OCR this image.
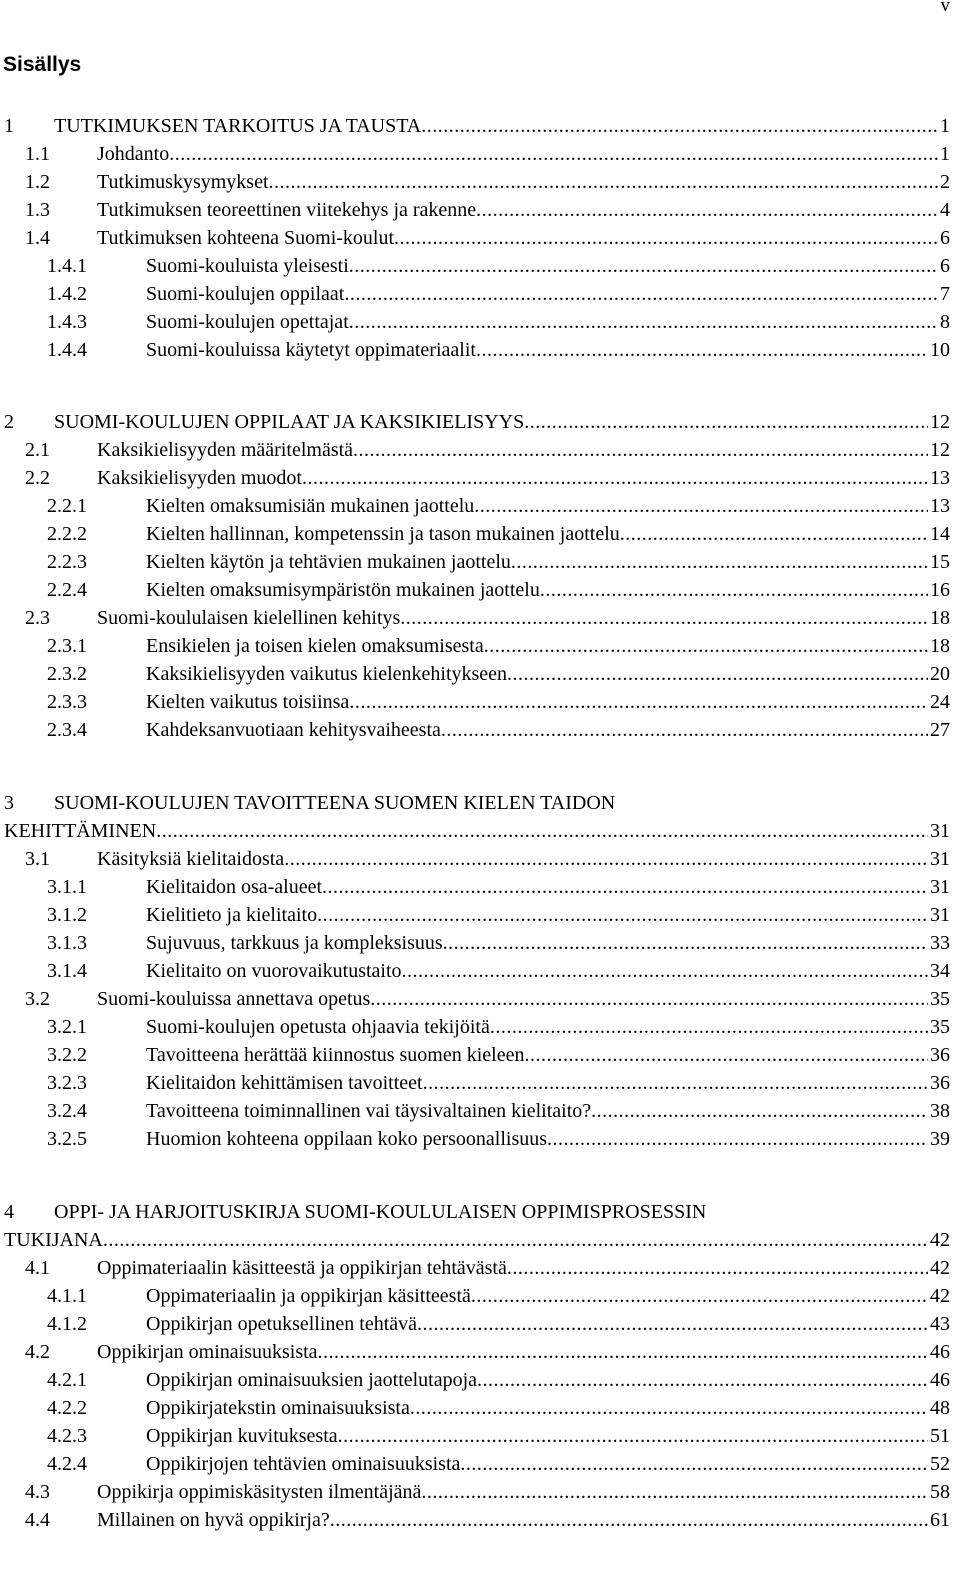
v
Sisällys
1 TUTKIMUKSEN TARKOITUS JA TAUSTA .....	1
1.1 Johdanto .....	1
1.2 Tutkimuskysymykset .....	2
1.3 Tutkimuksen teoreettinen viitekehys ja rakenne .....	4
1.4 Tutkimuksen kohteena Suomi-koulut .....	6
1.4.1	Suomi-kouluista yleisesti .....	6
1.4.2	Suomi-koulujen oppilaat .....	7
1.4.3	Suomi-koulujen opettajat .....	8
1.4.4	Suomi-kouluissa käytetyt oppimateriaalit .....	10
2 SUOMI-KOULUJEN OPPILAAT JA KAKSIKIELISYYS .....	12
2.1 Kaksikielisyyden määritelmästä .....	12
2.2 Kaksikielisyyden muodot .....	13
2.2.1	Kielten omaksumisiän mukainen jaottelu .....	13
2.2.2	Kielten hallinnan, kompetenssin ja tason mukainen jaottelu .....	14
2.2.3	Kielten käytön ja tehtävien mukainen jaottelu .....	15
2.2.4	Kielten omaksumisympäristön mukainen jaottelu .....	16
2.3 Suomi-koululaisen kielellinen kehitys .....	18
2.3.1	Ensikielen ja toisen kielen omaksumisesta .....	18
2.3.2	Kaksikielisyyden vaikutus kielenkehitykseen .....	20
2.3.3	Kielten vaikutus toisiinsa .....	24
2.3.4	Kahdeksanvuotiaan kehitysvaiheesta .....	27
3 SUOMI-KOULUJEN TAVOITTEENA SUOMEN KIELEN TAIDON
KEHITTÄMINEN .....	31
3.1 Käsityksiä kielitaidosta .....	31
3.1.1	Kielitaidon osa-alueet .....	31
3.1.2	Kielitieto ja kielitaito .....	31
3.1.3	Sujuvuus, tarkkuus ja kompleksisuus .....	33
3.1.4	Kielitaito on vuorovaikutustaito .....	34
3.2 Suomi-kouluissa annettava opetus .....	35
3.2.1	Suomi-koulujen opetusta ohjaavia tekijöitä .....	35
3.2.2	Tavoitteena herättää kiinnostus suomen kieleen .....	36
3.2.3	Kielitaidon kehittämisen tavoitteet .....	36
3.2.4	Tavoitteena toiminnallinen vai täysivaltainen kielitaito? .....	38
3.2.5	Huomion kohteena oppilaan koko persoonallisuus .....	39
4 OPPI- JA HARJOITUSKIRJA SUOMI-KOULULAISEN OPPIMISPROSESSIN
TUKIJANA .....	42
4.1 Oppimateriaalin käsitteestä ja oppikirjan tehtävästä .....	42
4.1.1	Oppimateriaalin ja oppikirjan käsitteestä .....	42
4.1.2	Oppikirjan opetuksellinen tehtävä .....	43
4.2 Oppikirjan ominaisuuksista .....	46
4.2.1	Oppikirjan ominaisuuksien jaottelutapoja .....	46
4.2.2	Oppikirjatekstin ominaisuuksista .....	48
4.2.3	Oppikirjan kuvituksesta .....	51
4.2.4	Oppikirjojen tehtävien ominaisuuksista .....	52
4.3 Oppikirja oppimiskäsitysten ilmentäjänä .....	58
4.4 Millainen on hyvä oppikirja? .....	61
